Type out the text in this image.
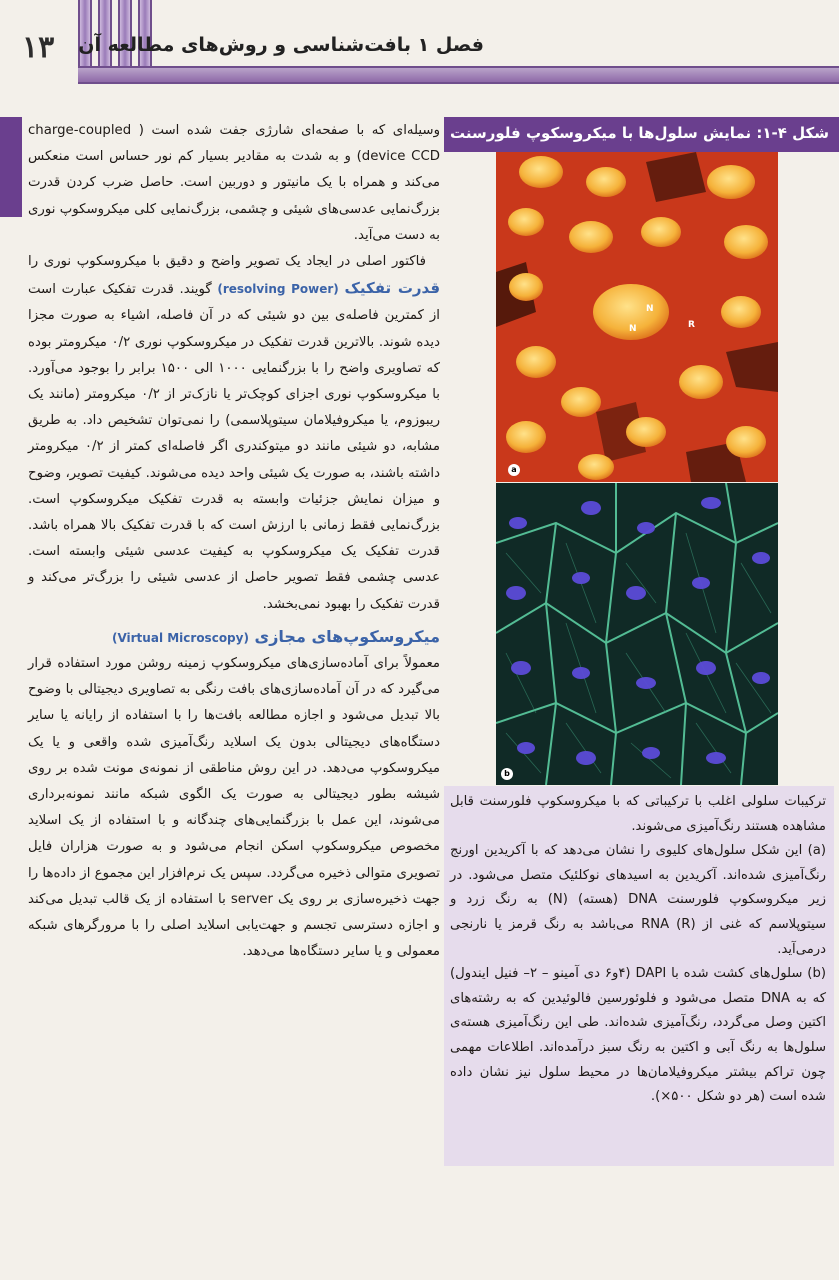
۱۳ فصل ۱ بافت‌شناسی و روش‌های مطالعه آن

وسیله‌ای که با صفحه‌ای شارژی جفت شده است ( charge-coupled device CCD) و به شدت به مقادیر بسیار کم نور حساس است منعکس می‌کند و همراه با یک مانیتور و دوربین است. حاصل ضرب کردن قدرت بزرگ‌نمایی عدسی‌های شیئی و چشمی، بزرگ‌نمایی کلی میکروسکوپ نوری به دست می‌آید.

فاکتور اصلی در ایجاد یک تصویر واضح و دقیق با میکروسکوپ نوری را قدرت تفکیک (resolving Power) گویند. قدرت تفکیک عبارت است از کمترین فاصله‌ی بین دو شیئی که در آن فاصله، اشیاء به صورت مجزا دیده شوند. بالاترین قدرت تفکیک در میکروسکوپ نوری ۰/۲ میکرومتر بوده که تصاویری واضح را با بزرگنمایی ۱۰۰۰ الی ۱۵۰۰ برابر را بوجود می‌آورد. با میکروسکوپ نوری اجزای کوچک‌تر یا نازک‌تر از ۰/۲ میکرومتر (مانند یک ریبوزوم، یا میکروفیلامان سیتوپلاسمی) را نمی‌توان تشخیص داد. به طریق مشابه، دو شیئی مانند دو میتوکندری اگر فاصله‌ای کمتر از ۰/۲ میکرومتر داشته باشند، به صورت یک شیئی واحد دیده می‌شوند. کیفیت تصویر، وضوح و میزان نمایش جزئیات وابسته به قدرت تفکیک میکروسکوپ است. بزرگ‌نمایی فقط زمانی با ارزش است که با قدرت تفکیک بالا همراه باشد. قدرت تفکیک یک میکروسکوپ به کیفیت عدسی شیئی وابسته است. عدسی چشمی فقط تصویر حاصل از عدسی شیئی را بزرگ‌تر می‌کند و قدرت تفکیک را بهبود نمی‌بخشد.

میکروسکوپ‌های مجازی (Virtual Microscopy)

معمولاً برای آماده‌سازی‌های میکروسکوپ زمینه روشن مورد استفاده قرار می‌گیرد که در آن آماده‌سازی‌های بافت رنگی به تصاویری دیجیتالی با وضوح بالا تبدیل می‌شود و اجازه مطالعه بافت‌ها را با استفاده از رایانه یا سایر دستگاه‌های دیجیتالی بدون یک اسلاید رنگ‌آمیزی شده واقعی و یا یک میکروسکوپ می‌دهد. در این روش مناطقی از نمونه‌ی مونت شده بر روی شیشه بطور دیجیتالی به صورت یک الگوی شبکه مانند نمونه‌برداری می‌شوند، این عمل با بزرگنمایی‌های چندگانه و با استفاده از یک اسلاید مخصوص میکروسکوپ اسکن انجام می‌شود و به صورت هزاران فایل تصویری متوالی ذخیره می‌گردد. سپس یک نرم‌افزار این مجموع از داده‌ها را جهت ذخیره‌سازی بر روی یک server با استفاده از یک قالب تبدیل می‌کند و اجازه دسترسی تجسم و جهت‌یابی اسلاید اصلی را با مرورگرهای شبکه معمولی و یا سایر دستگاه‌ها می‌دهد.

شکل ۴-۱: نمایش سلول‌ها با میکروسکوپ فلورسنت
N
N	R
a
b

ترکیبات سلولی اغلب با ترکیباتی که با میکروسکوپ فلورسنت قابل مشاهده هستند رنگ‌آمیزی می‌شوند.

(a) این شکل سلول‌های کلیوی را نشان می‌دهد که با آکریدین اورنج رنگ‌آمیزی شده‌اند. آکریدین به اسیدهای نوکلئیک متصل می‌شود. در زیر میکروسکوپ فلورسنت DNA (هسته) (N) به رنگ زرد و سیتوپلاسم که غنی از RNA (R) می‌باشد به رنگ قرمز یا نارنجی درمی‌آید.

(b) سلول‌های کشت شده با DAPI (۴و۶ دی آمینو – ۲– فنیل ایندول) که به DNA متصل می‌شود و فلوئورسین فالوئیدین که به رشته‌های اکتین وصل می‌گردد، رنگ‌آمیزی شده‌اند. طی این رنگ‌آمیزی هسته‌ی سلول‌ها به رنگ آبی و اکتین به رنگ سبز درآمده‌اند. اطلاعات مهمی چون تراکم بیشتر میکروفیلامان‌ها در محیط سلول نیز نشان داده شده است (هر دو شکل ۵۰۰×).
